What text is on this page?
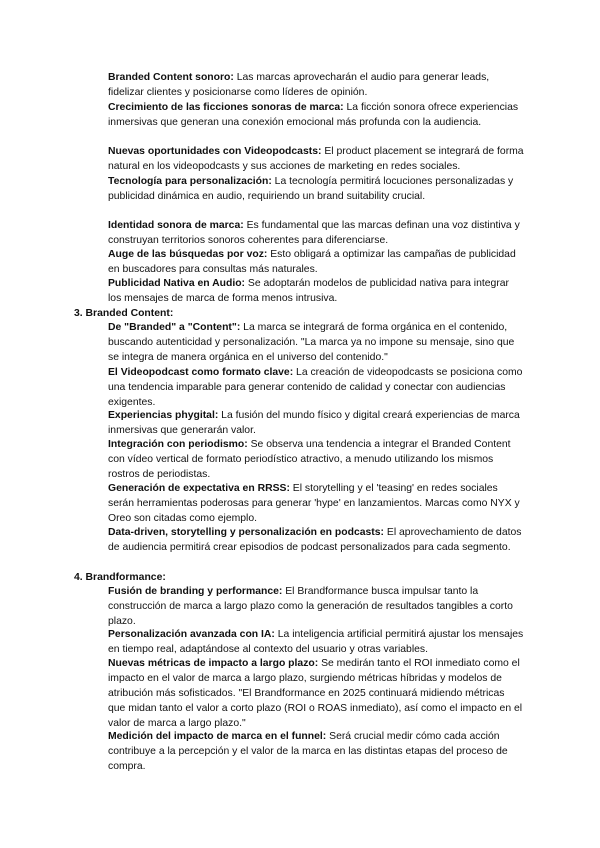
Branded Content sonoro: Las marcas aprovecharán el audio para generar leads, fidelizar clientes y posicionarse como líderes de opinión.
Crecimiento de las ficciones sonoras de marca: La ficción sonora ofrece experiencias inmersivas que generan una conexión emocional más profunda con la audiencia.
Nuevas oportunidades con Videopodcasts: El product placement se integrará de forma natural en los videopodcasts y sus acciones de marketing en redes sociales.
Tecnología para personalización: La tecnología permitirá locuciones personalizadas y publicidad dinámica en audio, requiriendo un brand suitability crucial.
Identidad sonora de marca: Es fundamental que las marcas definan una voz distintiva y construyan territorios sonoros coherentes para diferenciarse.
Auge de las búsquedas por voz: Esto obligará a optimizar las campañas de publicidad en buscadores para consultas más naturales.
Publicidad Nativa en Audio: Se adoptarán modelos de publicidad nativa para integrar los mensajes de marca de forma menos intrusiva.
3. Branded Content:
De "Branded" a "Content": La marca se integrará de forma orgánica en el contenido, buscando autenticidad y personalización. "La marca ya no impone su mensaje, sino que se integra de manera orgánica en el universo del contenido."
El Videopodcast como formato clave: La creación de videopodcasts se posiciona como una tendencia imparable para generar contenido de calidad y conectar con audiencias exigentes.
Experiencias phygital: La fusión del mundo físico y digital creará experiencias de marca inmersivas que generarán valor.
Integración con periodismo: Se observa una tendencia a integrar el Branded Content con vídeo vertical de formato periodístico atractivo, a menudo utilizando los mismos rostros de periodistas.
Generación de expectativa en RRSS: El storytelling y el 'teasing' en redes sociales serán herramientas poderosas para generar 'hype' en lanzamientos. Marcas como NYX y Oreo son citadas como ejemplo.
Data-driven, storytelling y personalización en podcasts: El aprovechamiento de datos de audiencia permitirá crear episodios de podcast personalizados para cada segmento.
4. Brandformance:
Fusión de branding y performance: El Brandformance busca impulsar tanto la construcción de marca a largo plazo como la generación de resultados tangibles a corto plazo.
Personalización avanzada con IA: La inteligencia artificial permitirá ajustar los mensajes en tiempo real, adaptándose al contexto del usuario y otras variables.
Nuevas métricas de impacto a largo plazo: Se medirán tanto el ROI inmediato como el impacto en el valor de marca a largo plazo, surgiendo métricas híbridas y modelos de atribución más sofisticados. "El Brandformance en 2025 continuará midiendo métricas que midan tanto el valor a corto plazo (ROI o ROAS inmediato), así como el impacto en el valor de marca a largo plazo."
Medición del impacto de marca en el funnel: Será crucial medir cómo cada acción contribuye a la percepción y el valor de la marca en las distintas etapas del proceso de compra.
